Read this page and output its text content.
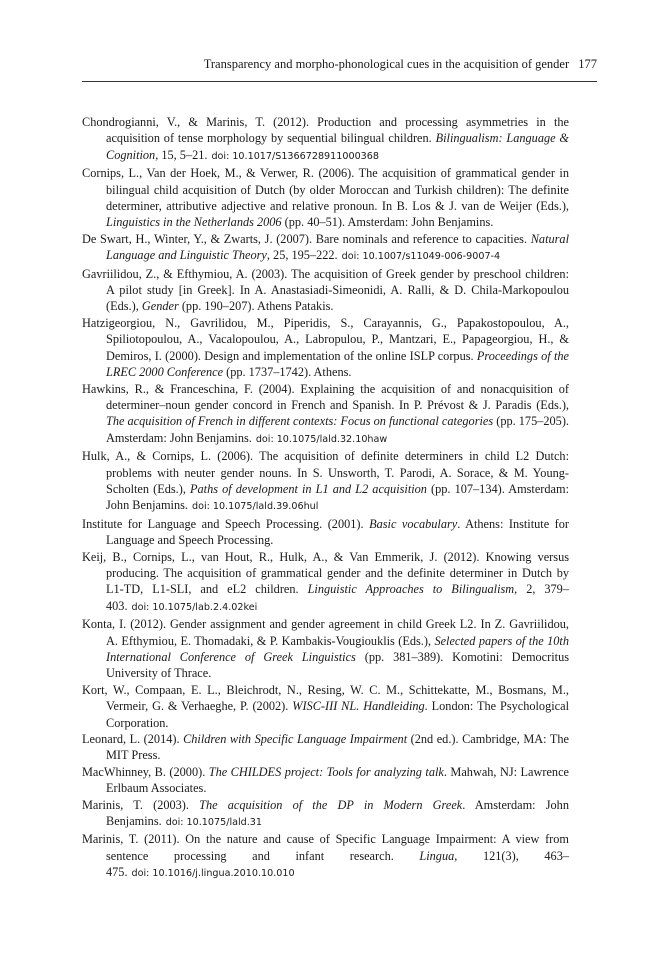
Transparency and morpho-phonological cues in the acquisition of gender 177

Chondrogianni, V., & Marinis, T. (2012). Production and processing asymmetries in the acquisition of tense morphology by sequential bilingual children. Bilingualism: Language & Cognition, 15, 5–21. doi: 10.1017/S1366728911000368

Cornips, L., Van der Hoek, M., & Verwer, R. (2006). The acquisition of grammatical gender in bilingual child acquisition of Dutch (by older Moroccan and Turkish children): The definite determiner, attributive adjective and relative pronoun. In B. Los & J. van de Weijer (Eds.), Linguistics in the Netherlands 2006 (pp. 40–51). Amsterdam: John Benjamins.

De Swart, H., Winter, Y., & Zwarts, J. (2007). Bare nominals and reference to capacities. Natural Language and Linguistic Theory, 25, 195–222. doi: 10.1007/s11049-006-9007-4

Gavriilidou, Z., & Efthymiou, A. (2003). The acquisition of Greek gender by preschool children: A pilot study [in Greek]. In A. Anastasiadi-Simeonidi, A. Ralli, & D. Chila-Markopoulou (Eds.), Gender (pp. 190–207). Athens Patakis.

Hatzigeorgiou, N., Gavrilidou, M., Piperidis, S., Carayannis, G., Papakostopoulou, A., Spiliotopoulou, A., Vacalopoulou, A., Labropulou, P., Mantzari, E., Papageorgiou, H., & Demiros, I. (2000). Design and implementation of the online ISLP corpus. Proceedings of the LREC 2000 Conference (pp. 1737–1742). Athens.

Hawkins, R., & Franceschina, F. (2004). Explaining the acquisition of and nonacquisition of determiner–noun gender concord in French and Spanish. In P. Prévost & J. Paradis (Eds.), The acquisition of French in different contexts: Focus on functional categories (pp. 175–205). Amsterdam: John Benjamins. doi: 10.1075/lald.32.10haw

Hulk, A., & Cornips, L. (2006). The acquisition of definite determiners in child L2 Dutch: problems with neuter gender nouns. In S. Unsworth, T. Parodi, A. Sorace, & M. Young-Scholten (Eds.), Paths of development in L1 and L2 acquisition (pp. 107–134). Amsterdam: John Benjamins. doi: 10.1075/lald.39.06hul

Institute for Language and Speech Processing. (2001). Basic vocabulary. Athens: Institute for Language and Speech Processing.

Keij, B., Cornips, L., van Hout, R., Hulk, A., & Van Emmerik, J. (2012). Knowing versus producing. The acquisition of grammatical gender and the definite determiner in Dutch by L1-TD, L1-SLI, and eL2 children. Linguistic Approaches to Bilingualism, 2, 379–403. doi: 10.1075/lab.2.4.02kei

Konta, I. (2012). Gender assignment and gender agreement in child Greek L2. In Z. Gavriilidou, A. Efthymiou, E. Thomadaki, & P. Kambakis-Vougiouklis (Eds.), Selected papers of the 10th International Conference of Greek Linguistics (pp. 381–389). Komotini: Democritus University of Thrace.

Kort, W., Compaan, E. L., Bleichrodt, N., Resing, W. C. M., Schittekatte, M., Bosmans, M., Vermeir, G. & Verhaeghe, P. (2002). WISC-III NL. Handleiding. London: The Psychological Corporation.

Leonard, L. (2014). Children with Specific Language Impairment (2nd ed.). Cambridge, MA: The MIT Press.

MacWhinney, B. (2000). The CHILDES project: Tools for analyzing talk. Mahwah, NJ: Lawrence Erlbaum Associates.

Marinis, T. (2003). The acquisition of the DP in Modern Greek. Amsterdam: John Benjamins. doi: 10.1075/lald.31

Marinis, T. (2011). On the nature and cause of Specific Language Impairment: A view from sentence processing and infant research. Lingua, 121(3), 463–475. doi: 10.1016/j.lingua.2010.10.010
